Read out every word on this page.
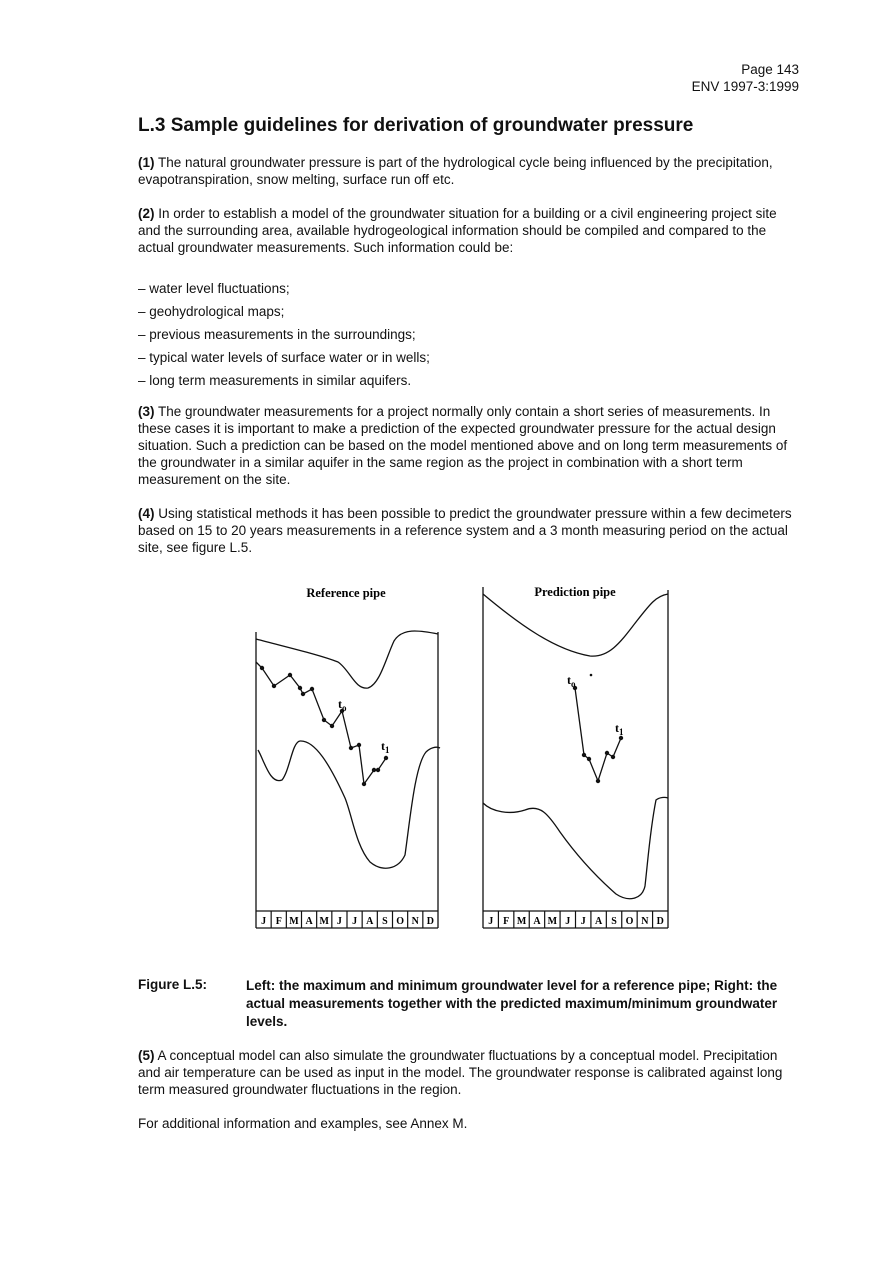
Page 143
ENV 1997-3:1999
L.3 Sample guidelines for derivation of groundwater pressure

(1) The natural groundwater pressure is part of the hydrological cycle being influenced by the precipitation, evapotranspiration, snow melting, surface run off etc.

(2) In order to establish a model of the groundwater situation for a building or a civil engineering project site and the surrounding area, available hydrogeological information should be compiled and compared to the actual groundwater measurements. Such information could be:

– water level fluctuations;
– geohydrological maps;
– previous measurements in the surroundings;
– typical water levels of surface water or in wells;
– long term measurements in similar aquifers.

(3) The groundwater measurements for a project normally only contain a short series of measurements. In these cases it is important to make a prediction of the expected groundwater pressure for the actual design situation. Such a prediction can be based on the model mentioned above and on long term measurements of the groundwater in a similar aquifer in the same region as the project in combination with a short term measurement on the site.

(4) Using statistical methods it has been possible to predict the groundwater pressure within a few decimeters based on 15 to 20 years measurements in a reference system and a 3 month measuring period on the actual site, see figure L.5.

Reference pipe
$t_o$
$t_1$
J F M A M J J A S O N D
Prediction pipe
$t_o$
$t_1$
J F M A M J J A S O N D
Figure L.5:	Left: the maximum and minimum groundwater level for a reference pipe; Right: the actual measurements together with the predicted maximum/minimum groundwater levels.

(5) A conceptual model can also simulate the groundwater fluctuations by a conceptual model. Precipitation and air temperature can be used as input in the model. The groundwater response is calibrated against long term measured groundwater fluctuations in the region.

For additional information and examples, see Annex M.
